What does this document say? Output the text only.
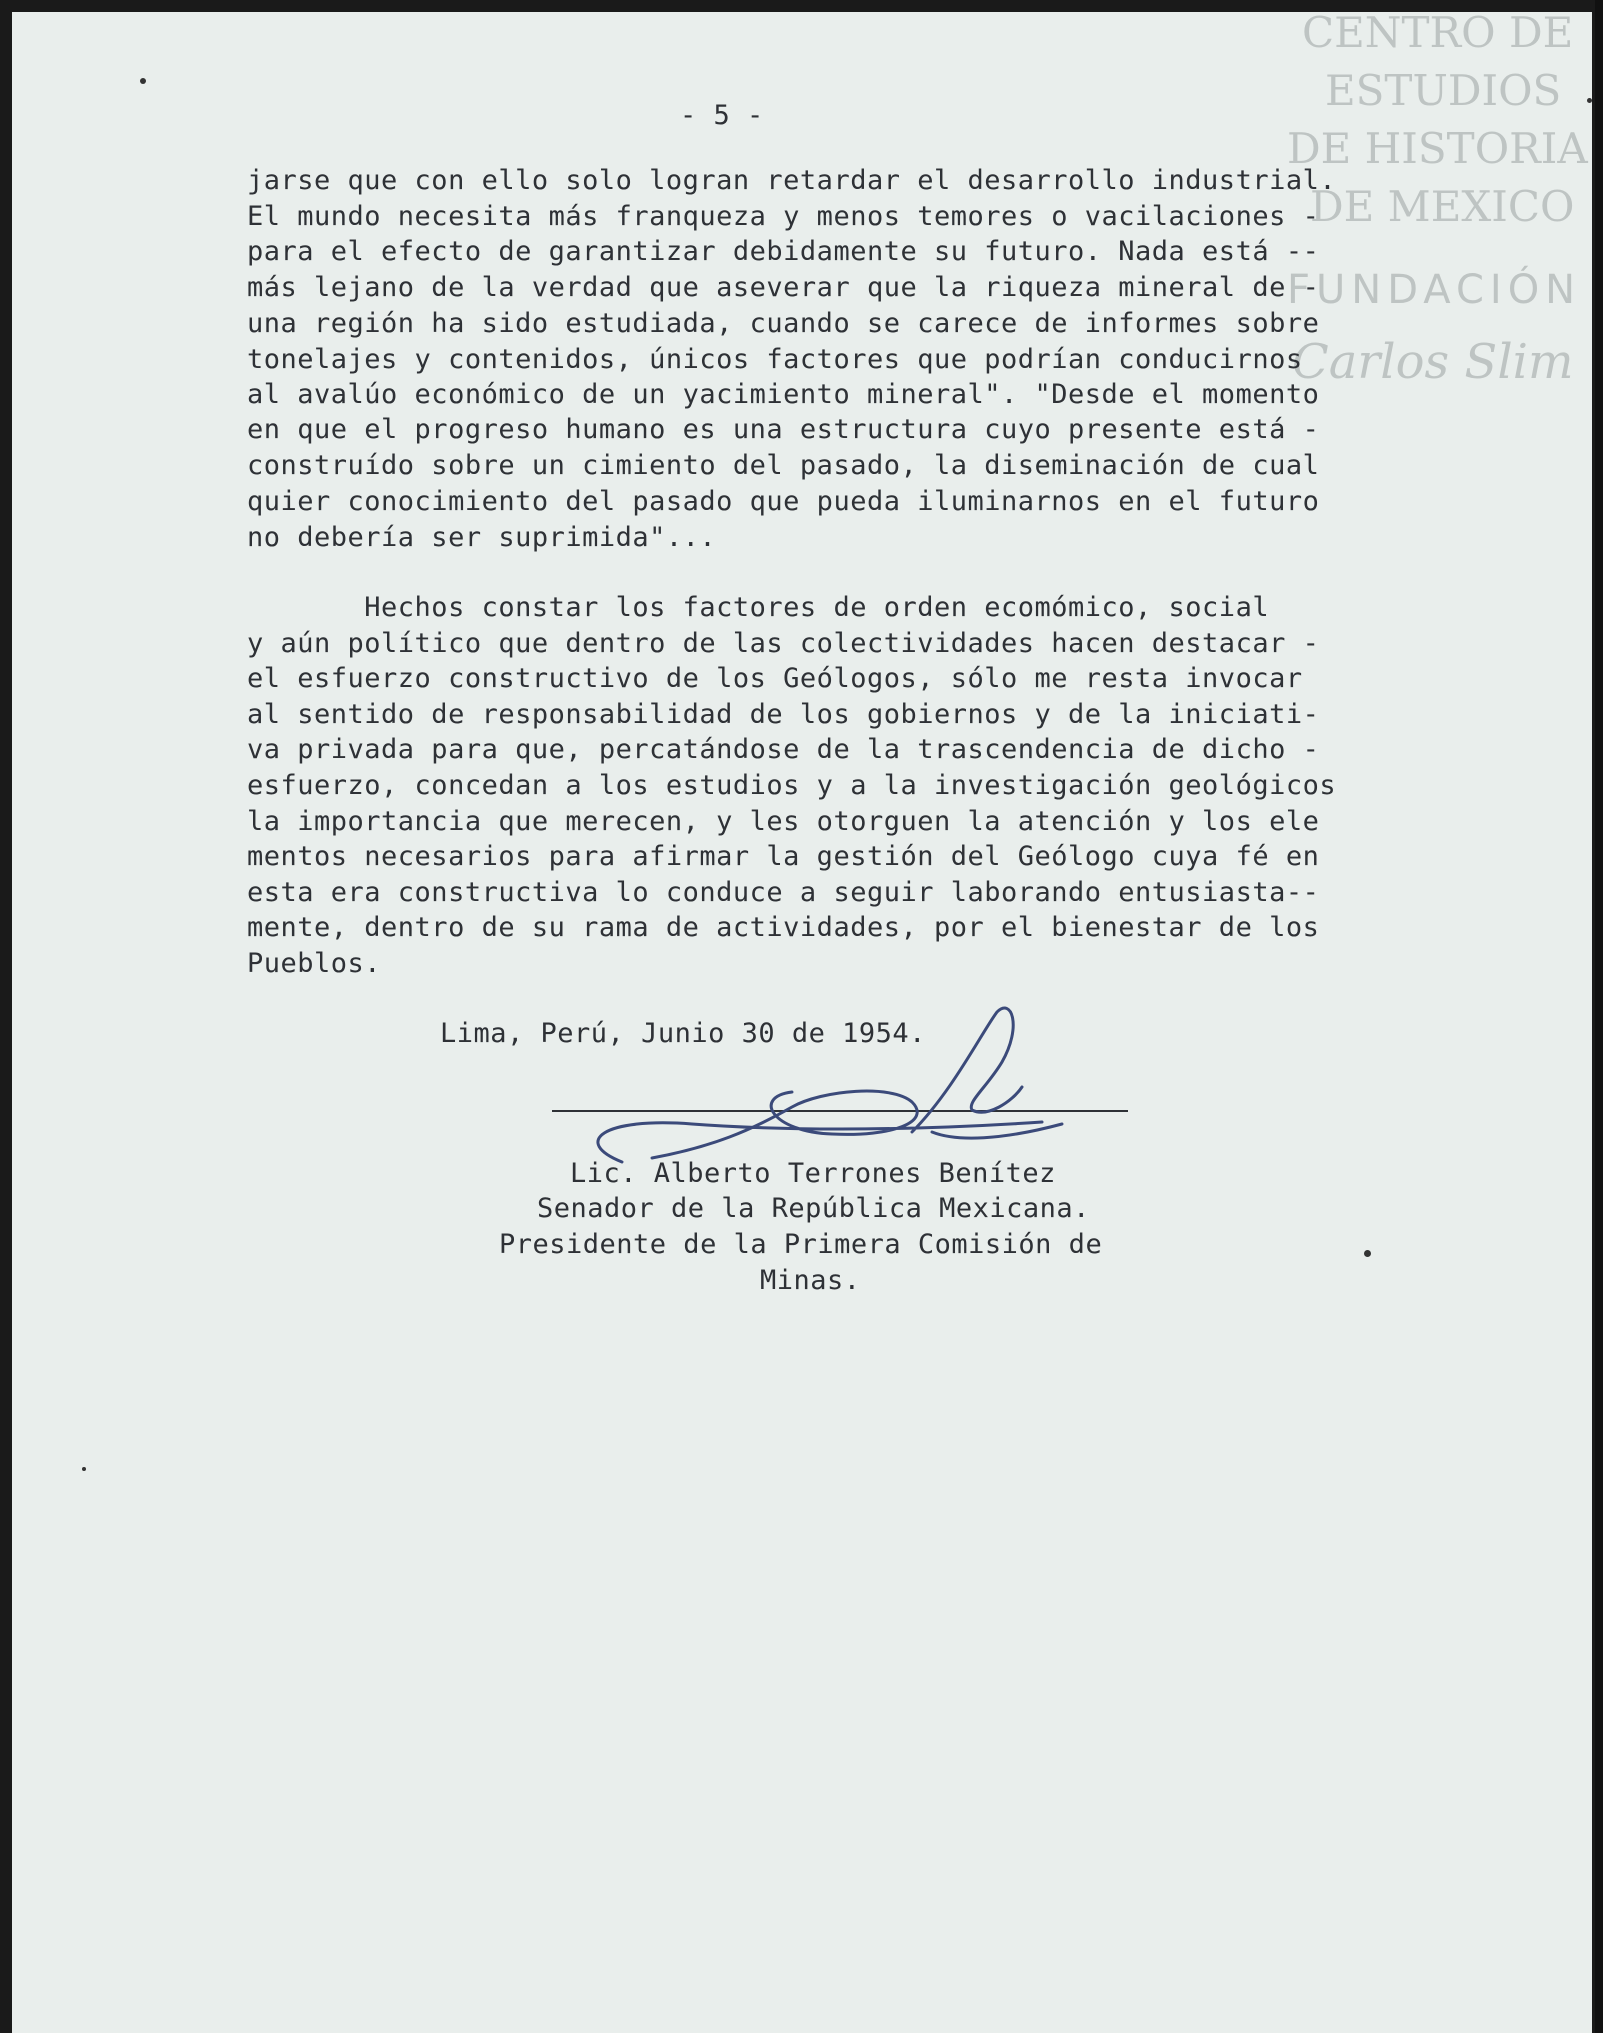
CENTRO DE
ESTUDIOS
DE HISTORIA
DE MEXICO
FUNDACIÓN
Carlos Slim
- 5 -
jarse que con ello solo logran retardar el desarrollo industrial.
El mundo necesita más franqueza y menos temores o vacilaciones -
para el efecto de garantizar debidamente su futuro. Nada está --
más lejano de la verdad que aseverar que la riqueza mineral de -
una región ha sido estudiada, cuando se carece de informes sobre
tonelajes y contenidos, únicos factores que podrían conducirnos
al avalúo económico de un yacimiento mineral". "Desde el momento
en que el progreso humano es una estructura cuyo presente está -
construído sobre un cimiento del pasado, la diseminación de cual
quier conocimiento del pasado que pueda iluminarnos en el futuro
no debería ser suprimida"...
Hechos constar los factores de orden ecomómico, social
y aún político que dentro de las colectividades hacen destacar -
el esfuerzo constructivo de los Geólogos, sólo me resta invocar
al sentido de responsabilidad de los gobiernos y de la iniciati-
va privada para que, percatándose de la trascendencia de dicho -
esfuerzo, concedan a los estudios y a la investigación geológicos
la importancia que merecen, y les otorguen la atención y los ele
mentos necesarios para afirmar la gestión del Geólogo cuya fé en
esta era constructiva lo conduce a seguir laborando entusiasta--
mente, dentro de su rama de actividades, por el bienestar de los
Pueblos.
Lima, Perú, Junio 30 de 1954.
Lic. Alberto Terrones Benítez
Senador de la República Mexicana.
Presidente de la Primera Comisión de
Minas.
